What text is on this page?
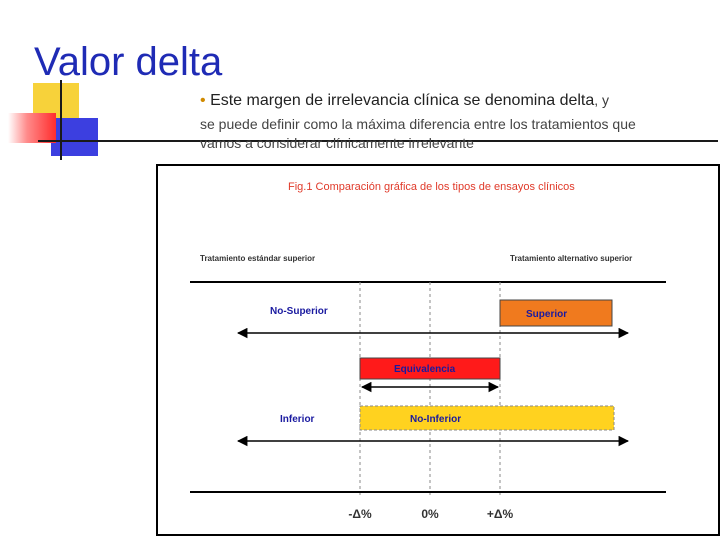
Valor delta
• Este margen de irrelevancia clínica se denomina delta, y
se puede definir como la máxima diferencia entre los tratamientos que
vamos a considerar clínicamente irrelevante
Fig.1 Comparación gráfica de los tipos de ensayos clínicos
Tratamiento estándar superior	Tratamiento alternativo superior
No-Superior	Superior
Equivalencia
Inferior	No-Inferior
-Δ%	0%	+Δ%
